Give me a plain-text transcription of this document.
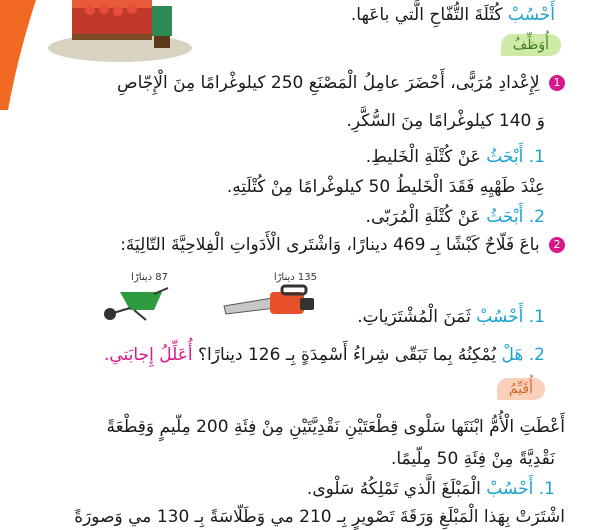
أَحْسُبْ كُتْلَةَ التُّفّاحِ الَّتي باعَها.
أُوَظِّفُ
1 لِإِعْدادِ مُرَبًّى، أَحْضَرَ عامِلُ الْمَصْنَعِ 250 كيلوغْرامًا مِنَ الْإِجّاصِ
وَ 140 كيلوغْرامًا مِنَ السُّكَّرِ.
1. أَبْحَثُ عَنْ كُتْلَةِ الْخَليطِ.
عِنْدَ طَهْيِهِ فَقَدَ الْخَليطُ 50 كيلوغْرامًا مِنْ كُتْلَتِهِ.
2. أَبْحَثُ عَنْ كُتْلَةِ الْمُرَبّى.
2 باعَ فَلّاحٌ كَبْشًا بِـ 469 دينارًا، وَاشْتَرى الْأَدَواتِ الْفِلاحِيَّةَ التّالِيَةَ:
135 دينارًا
87 دينارًا
1. أَحْسُبْ ثَمَنَ الْمُشْتَرَياتِ.
2. هَلْ يُمْكِنُهُ بِما تَبَقّى شِراءُ أَسْمِدَةٍ بِـ 126 دينارًا؟ أُعَلِّلُ إِجابَتي.
أُقَيِّمُ
أَعْطَتِ الْأُمُّ ابْنَتَها سَلْوى قِطْعَتَيْنِ نَقْدِيَّتَيْنِ مِنْ فِئَةِ 200 مِلّيمٍ وَقِطْعَةً
نَقْدِيَّةً مِنْ فِئَةِ 50 مِلّيمًا.
1. أَحْسُبْ الْمَبْلَغَ الَّذي تَمْلِكُهُ سَلْوى.
اشْتَرَتْ بِهَذا الْمَبْلَغِ وَرَقَةَ تَصْويرٍ بِـ 210 مي وَطَلّاسَةً بِـ 130 مي وَصورَةً
